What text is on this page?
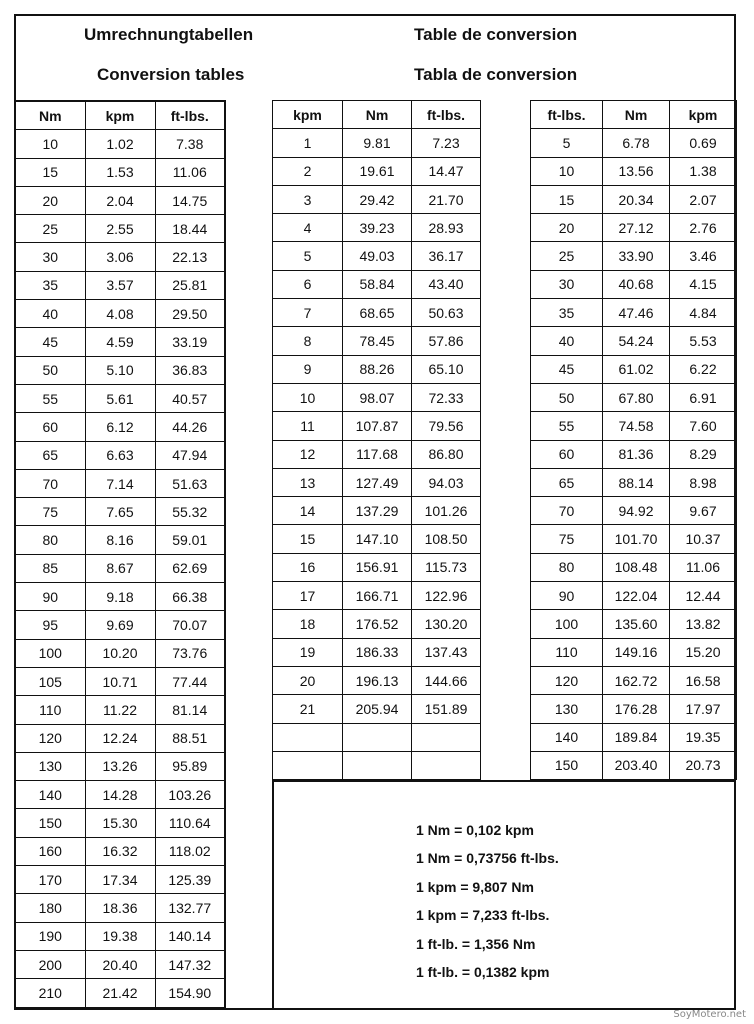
Umrechnungtabellen
Conversion tables
Table de conversion
Tabla de conversion
Nm	kpm	ft-lbs.
10	1.02	7.38
15	1.53	11.06
20	2.04	14.75
25	2.55	18.44
30	3.06	22.13
35	3.57	25.81
40	4.08	29.50
45	4.59	33.19
50	5.10	36.83
55	5.61	40.57
60	6.12	44.26
65	6.63	47.94
70	7.14	51.63
75	7.65	55.32
80	8.16	59.01
85	8.67	62.69
90	9.18	66.38
95	9.69	70.07
100	10.20	73.76
105	10.71	77.44
110	11.22	81.14
120	12.24	88.51
130	13.26	95.89
140	14.28	103.26
150	15.30	110.64
160	16.32	118.02
170	17.34	125.39
180	18.36	132.77
190	19.38	140.14
200	20.40	147.32
210	21.42	154.90
kpm	Nm	ft-lbs.
1	9.81	7.23
2	19.61	14.47
3	29.42	21.70
4	39.23	28.93
5	49.03	36.17
6	58.84	43.40
7	68.65	50.63
8	78.45	57.86
9	88.26	65.10
10	98.07	72.33
11	107.87	79.56
12	117.68	86.80
13	127.49	94.03
14	137.29	101.26
15	147.10	108.50
16	156.91	115.73
17	166.71	122.96
18	176.52	130.20
19	186.33	137.43
20	196.13	144.66
21	205.94	151.89

ft-lbs.	Nm	kpm
5	6.78	0.69
10	13.56	1.38
15	20.34	2.07
20	27.12	2.76
25	33.90	3.46
30	40.68	4.15
35	47.46	4.84
40	54.24	5.53
45	61.02	6.22
50	67.80	6.91
55	74.58	7.60
60	81.36	8.29
65	88.14	8.98
70	94.92	9.67
75	101.70	10.37
80	108.48	11.06
90	122.04	12.44
100	135.60	13.82
110	149.16	15.20
120	162.72	16.58
130	176.28	17.97
140	189.84	19.35
150	203.40	20.73
1 Nm = 0,102 kpm
1 Nm = 0,73756 ft-lbs.
1 kpm = 9,807 Nm
1 kpm = 7,233 ft-lbs.
1 ft-lb. = 1,356 Nm
1 ft-lb. = 0,1382 kpm
SoyMotero.net
